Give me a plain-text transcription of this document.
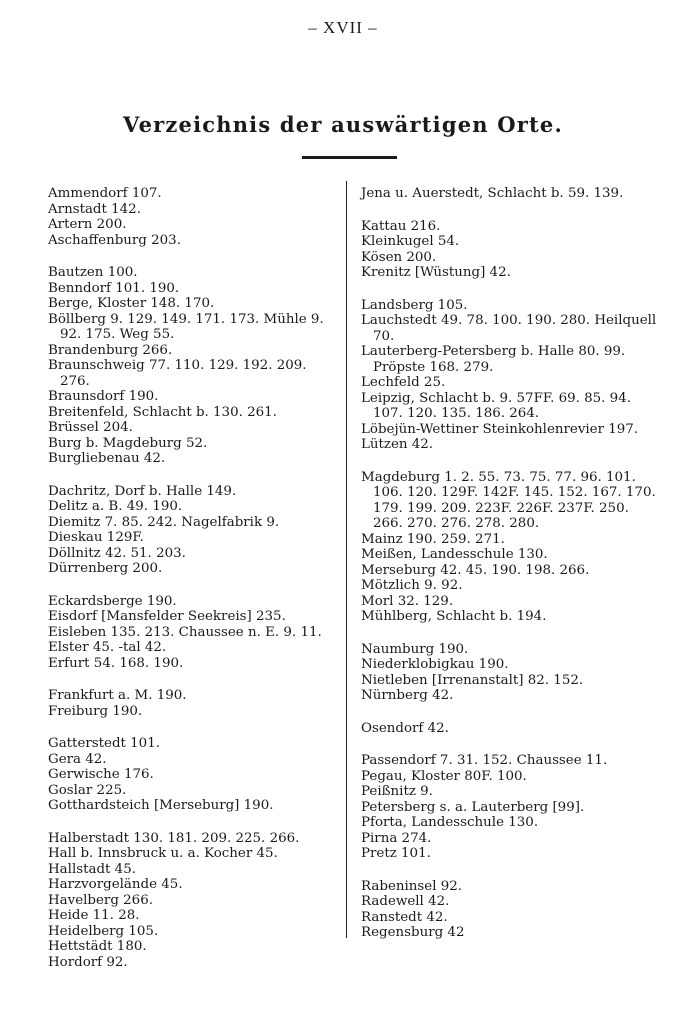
– XVII –
Verzeichnis der auswärtigen Orte.
Ammendorf 107.
Arnstadt 142.
Artern 200.
Aschaffenburg 203.
Bautzen 100.
Benndorf 101. 190.
Berge, Kloster 148. 170.
Böllberg 9. 129. 149. 171. 173. Mühle 9. 92. 175. Weg 55.
Brandenburg 266.
Braunschweig 77. 110. 129. 192. 209. 276.
Braunsdorf 190.
Breitenfeld, Schlacht b. 130. 261.
Brüssel 204.
Burg b. Magdeburg 52.
Burgliebenau 42.
Dachritz, Dorf b. Halle 149.
Delitz a. B. 49. 190.
Diemitz 7. 85. 242. Nagelfabrik 9.
Dieskau 129F.
Döllnitz 42. 51. 203.
Dürrenberg 200.
Eckardsberge 190.
Eisdorf [Mansfelder Seekreis] 235.
Eisleben 135. 213. Chaussee n. E. 9. 11.
Elster 45. -tal 42.
Erfurt 54. 168. 190.
Frankfurt a. M. 190.
Freiburg 190.
Gatterstedt 101.
Gera 42.
Gerwische 176.
Goslar 225.
Gotthardsteich [Merseburg] 190.
Halberstadt 130. 181. 209. 225. 266.
Hall b. Innsbruck u. a. Kocher 45.
Hallstadt 45.
Harzvorgelände 45.
Havelberg 266.
Heide 11. 28.
Heidelberg 105.
Hettstädt 180.
Hordorf 92.
Jena u. Auerstedt, Schlacht b. 59. 139.
Kattau 216.
Kleinkugel 54.
Kösen 200.
Krenitz [Wüstung] 42.
Landsberg 105.
Lauchstedt 49. 78. 100. 190. 280. Heilquell 70.
Lauterberg-Petersberg b. Halle 80. 99. Pröpste 168. 279.
Lechfeld 25.
Leipzig, Schlacht b. 9. 57FF. 69. 85. 94. 107. 120. 135. 186. 264.
Löbejün-Wettiner Steinkohlenrevier 197.
Lützen 42.
Magdeburg 1. 2. 55. 73. 75. 77. 96. 101. 106. 120. 129F. 142F. 145. 152. 167. 170. 179. 199. 209. 223F. 226F. 237F. 250. 266. 270. 276. 278. 280.
Mainz 190. 259. 271.
Meißen, Landesschule 130.
Merseburg 42. 45. 190. 198. 266.
Mötzlich 9. 92.
Morl 32. 129.
Mühlberg, Schlacht b. 194.
Naumburg 190.
Niederklobigkau 190.
Nietleben [Irrenanstalt] 82. 152.
Nürnberg 42.
Osendorf 42.
Passendorf 7. 31. 152. Chaussee 11.
Pegau, Kloster 80F. 100.
Peißnitz 9.
Petersberg s. a. Lauterberg [99].
Pforta, Landesschule 130.
Pirna 274.
Pretz 101.
Rabeninsel 92.
Radewell 42.
Ranstedt 42.
Regensburg 42
